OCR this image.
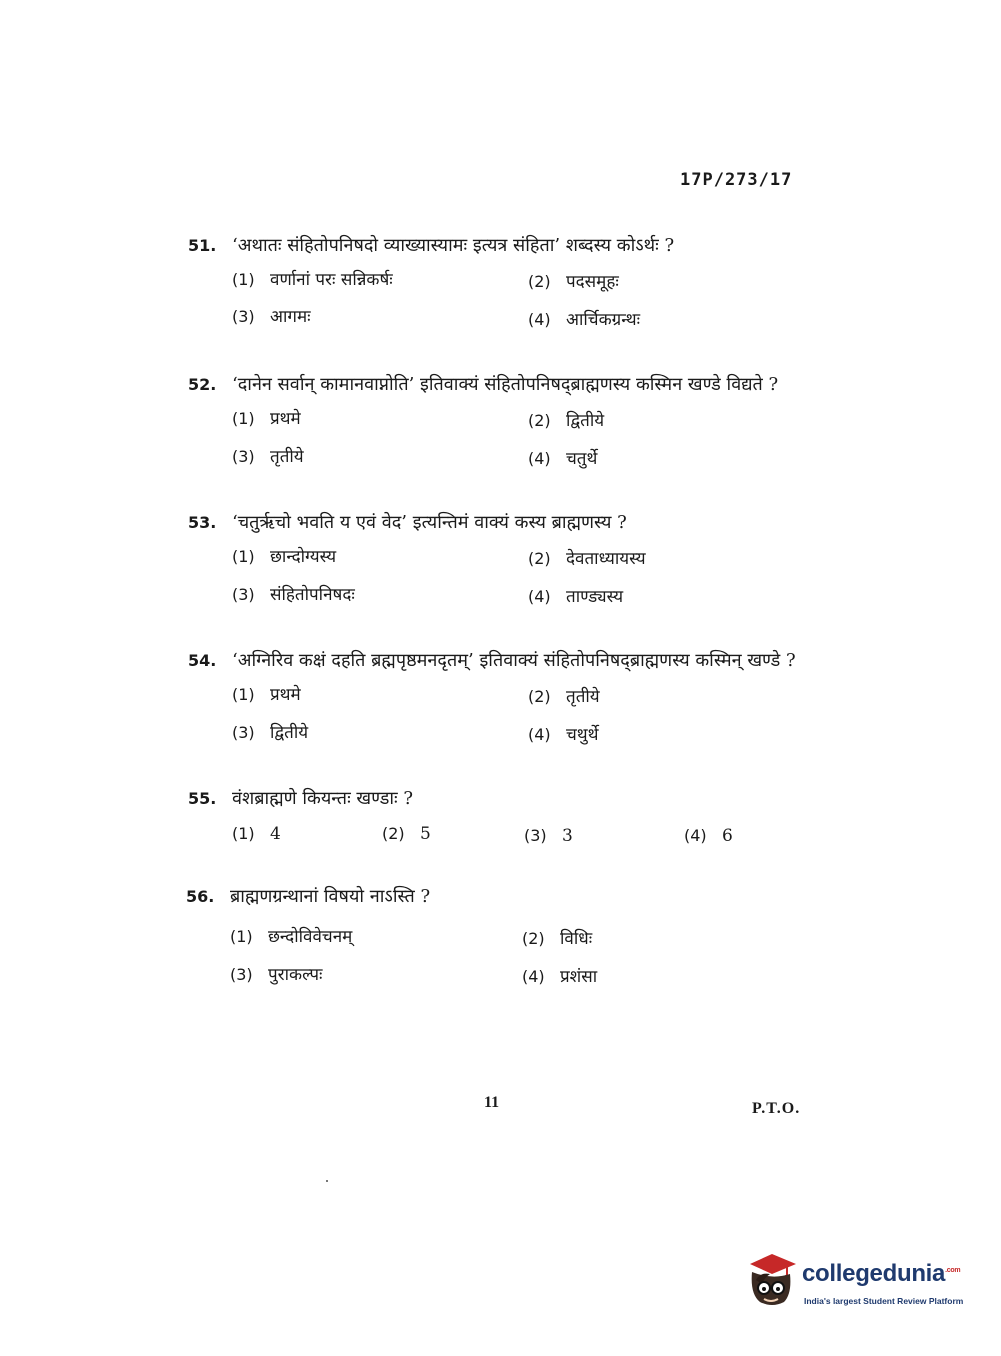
17P/273/17
51. ‘अथातः संहितोपनिषदो व्याख्यास्यामः इत्यत्र संहिता’ शब्दस्य कोऽर्थः ?
(1) वर्णानां परः सन्निकर्षः	(2) पदसमूहः
(3) आगमः	(4) आर्चिकग्रन्थः
52. ‘दानेन सर्वान् कामानवाप्नोति’ इतिवाक्यं संहितोपनिषद्ब्राह्मणस्य कस्मिन खण्डे विद्यते ?
(1) प्रथमे	(2) द्वितीये
(3) तृतीये	(4) चतुर्थे
53. ‘चतुर्ऋचो भवति य एवं वेद’ इत्यन्तिमं वाक्यं कस्य ब्राह्मणस्य ?
(1) छान्दोग्यस्य	(2) देवताध्यायस्य
(3) संहितोपनिषदः	(4) ताण्ड्यस्य
54. ‘अग्निरिव कक्षं दहति ब्रह्मपृष्ठमनदृतम्’ इतिवाक्यं संहितोपनिषद्ब्राह्मणस्य कस्मिन् खण्डे ?
(1) प्रथमे	(2) तृतीये
(3) द्वितीये	(4) चथुर्थे
55. वंशब्राह्मणे कियन्तः खण्डाः ?
(1) 4	(2) 5	(3) 3	(4) 6
56. ब्राह्मणग्रन्थानां विषयो नाऽस्ति ?
(1) छन्दोविवेचनम्	(2) विधिः
(3) पुराकल्पः	(4) प्रशंसा
11	P.T.O.
collegedunia$^{.com}$
India's largest Student Review Platform
